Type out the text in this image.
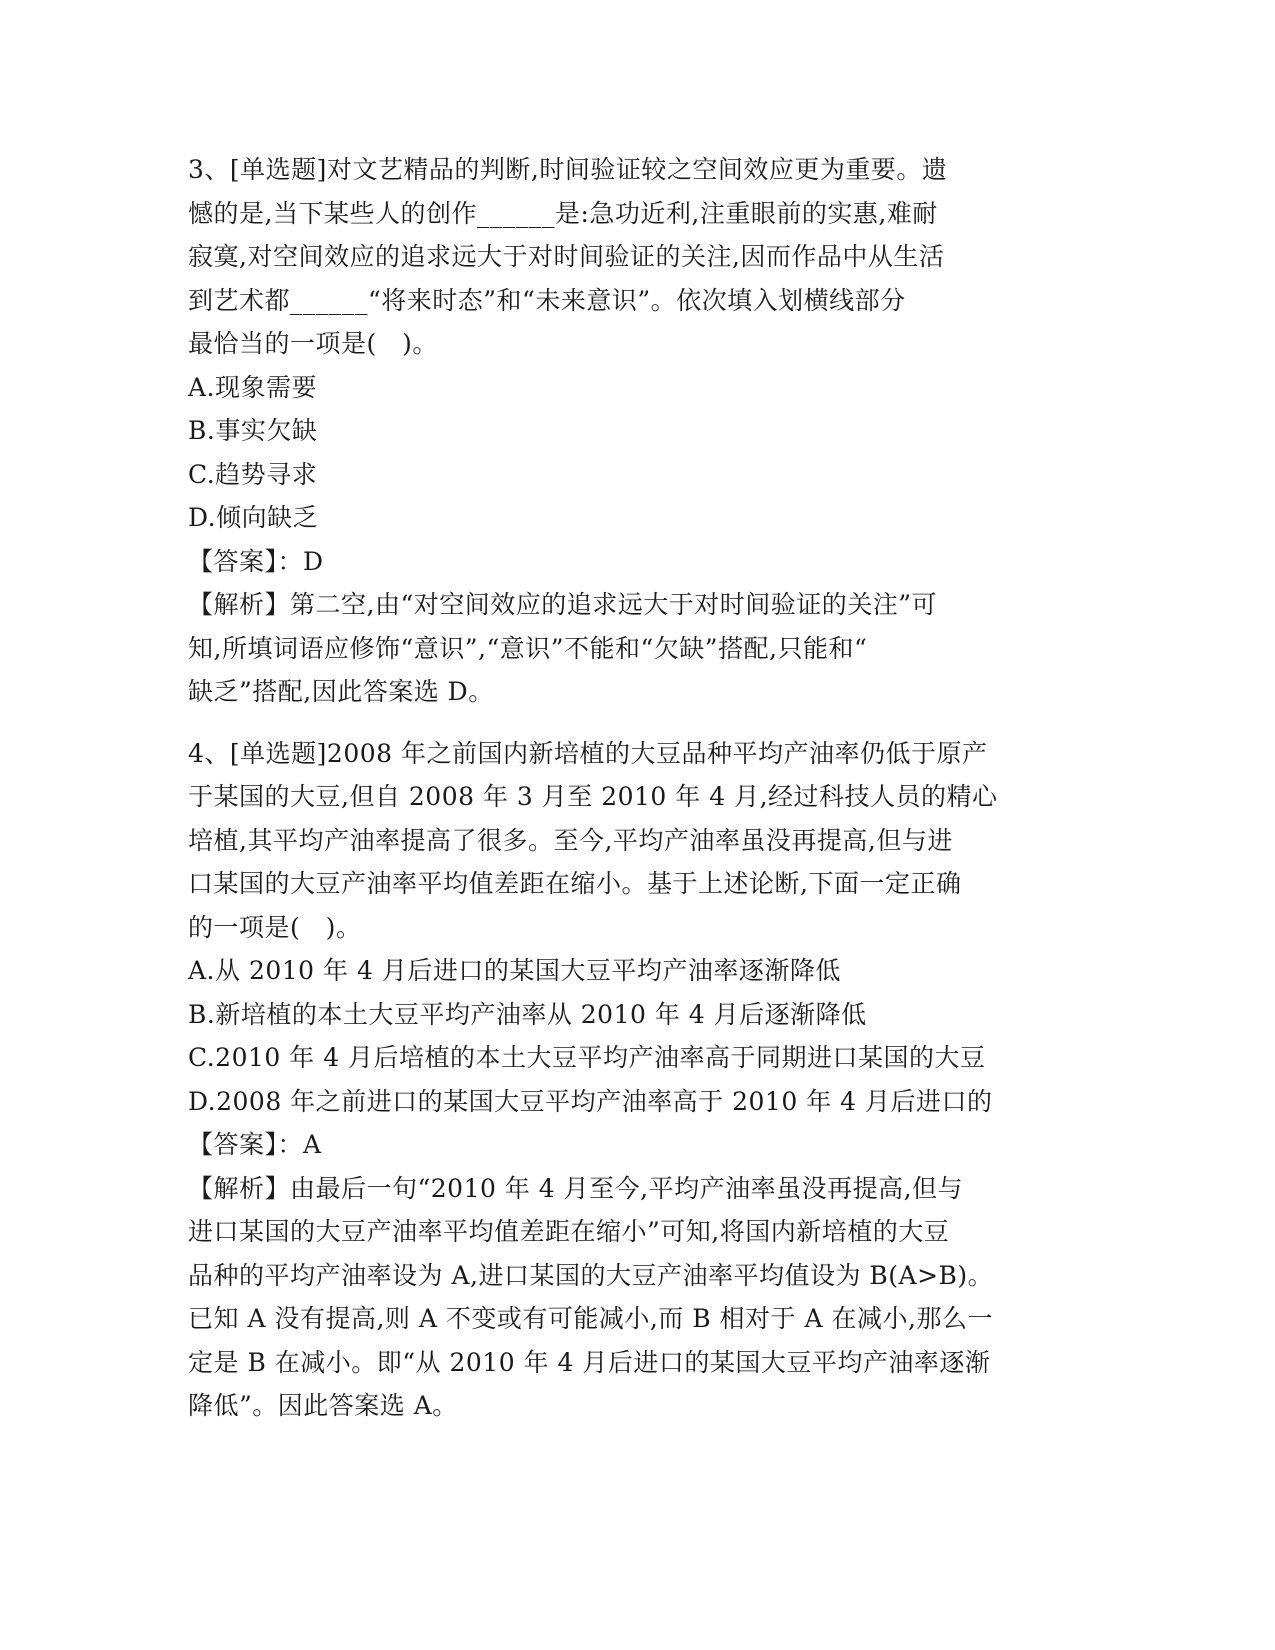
3、[单选题]对文艺精品的判断,时间验证较之空间效应更为重要。遗
憾的是,当下某些人的创作______是:急功近利,注重眼前的实惠,难耐
寂寞,对空间效应的追求远大于对时间验证的关注,因而作品中从生活
到艺术都______“将来时态”和“未来意识”。依次填入划横线部分
最恰当的一项是(   )。
A.现象需要
B.事实欠缺
C.趋势寻求
D.倾向缺乏
【答案】：D
【解析】第二空,由“对空间效应的追求远大于对时间验证的关注”可
知,所填词语应修饰“意识”,“意识”不能和“欠缺”搭配,只能和“
缺乏”搭配,因此答案选 D。
4、[单选题]2008 年之前国内新培植的大豆品种平均产油率仍低于原产
于某国的大豆,但自 2008 年 3 月至 2010 年 4 月,经过科技人员的精心
培植,其平均产油率提高了很多。至今,平均产油率虽没再提高,但与进
口某国的大豆产油率平均值差距在缩小。基于上述论断,下面一定正确
的一项是(   )。
A.从 2010 年 4 月后进口的某国大豆平均产油率逐渐降低
B.新培植的本土大豆平均产油率从 2010 年 4 月后逐渐降低
C.2010 年 4 月后培植的本土大豆平均产油率高于同期进口某国的大豆
D.2008 年之前进口的某国大豆平均产油率高于 2010 年 4 月后进口的
【答案】：A
【解析】由最后一句“2010 年 4 月至今,平均产油率虽没再提高,但与
进口某国的大豆产油率平均值差距在缩小”可知,将国内新培植的大豆
品种的平均产油率设为 A,进口某国的大豆产油率平均值设为 B(A>B)。
已知 A 没有提高,则 A 不变或有可能减小,而 B 相对于 A 在减小,那么一
定是 B 在减小。即“从 2010 年 4 月后进口的某国大豆平均产油率逐渐
降低”。因此答案选 A。
